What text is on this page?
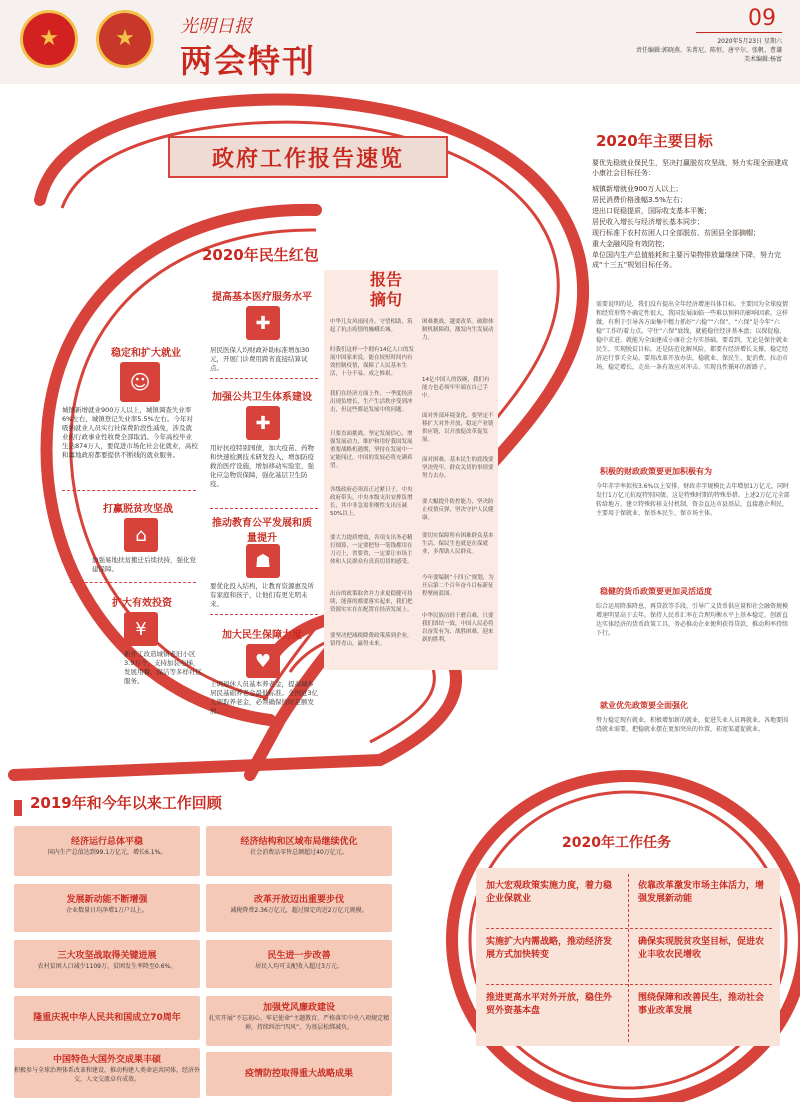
★
★
光明日报
两会特刊
09
2020年5月23日 星期六
责任编辑:郭晓燕、朱菁尼、陈恒、唐平尔、张帆、曹谦
美术编辑:杨富
政府工作报告速览
2020年主要目标
要优先稳就业保民生，坚决打赢脱贫攻坚战，努力实现全面建成小康社会目标任务：
城镇新增就业900万人以上；
居民消费价格涨幅3.5%左右；
进出口促稳提质，国际收支基本平衡；
居民收入增长与经济增长基本同步；
现行标准下农村贫困人口全部脱贫、贫困县全部摘帽；
重大金融风险有效防控；
单位国内生产总值能耗和主要污染物排放量继续下降，努力完成“十三五”规划目标任务。
2020年民生红包
稳定和扩大就业
☺
城镇新增就业900万人以上，城镇调查失业率6%左右，城镇登记失业率5.5%左右。今年对吸纳就业人员实行社保费阶段性减免，涉及就业的行政事业性收费全部取消。今年高校毕业生达874万人，要促进市场化社会化就业，高校和属地政府都要提供不断线的就业服务。
打赢脱贫攻坚战
⌂
加强易地扶贫搬迁后续扶持，强化党建保障。
扩大有效投资
¥
新开工改造城镇老旧小区3.9万个，支持加装电梯，发展用餐、保洁等多样社区服务。
提高基本医疗服务水平
✚
居民医保人均财政补助标准增加30元，开展门诊费用跨省直接结算试点。
加强公共卫生体系建设
✚
用好抗疫特别国债，加大疫苗、药物和快速检测技术研发投入，增加防疫救治医疗设施，增加移动实验室，强化应急物资保障，强化基层卫生防疫。
推动教育公平发展和质量提升
☗
要优化投入结构，让教育资源惠及所有家庭和孩子，让他们有更光明未来。
加大民生保障力度
♥
上调退休人员基本养老金，提高城乡居民基础养老金最低标准。全国近3亿人领取养老金，必须确保按时足额发放。
报告
摘句
中华儿女风雨同舟、守望相助，筑起了抗击疫情的巍峨长城。
时我们这样一个拥有14亿人口的发展中国家来说，能在较短时间内有效控制疫情，保障了人民基本生活，十分不易、成之惟艰。
我们在经济方面上作，一季度经济出现负增长，生产生活秩序受到冲击，但这些都是发展中的问题。
只要直面挑战，坚定发展信心，增强发展动力，维护和用好我国发展重要战略机遇期，坚持在发展中一定能闯过，中国的发展必将充满希望。
各级政府必须真正过紧日子，中央政府带头，中央本级支出安排负增长，其中非急需非刚性支出压减50%以上。
要大力提质增效，各项支出务必精打细算，一定要把每一笔钱都用在刀刃上，省要省，一定要让市场主体和人民群众有真真切切的感受。
出台的政策取舍并力求更稳健可持续，能落的都要落实起来，我们把资源实实在在配置在经济发展上。
要坚决把减税降费政策落到企业，留得青山，赢得未来。
困难挑战，越要改革。破除体制机制障碍，激发内生发展动力。
14亿中国人的饭碗，我们有能力也必须牢牢端在自己手中。
面对外部环境变化，要坚定不移扩大对外开放，稳定产业链供应链，以开放促改革促发展。
面对困难，基本民生的底线要坚决兜牢，群众关切的事情要努力去办。
要大幅提升防控能力，坚决防止疫情反弹，坚决守护人民健康。
要切实保障所有困难群众基本生活，保民生也就是在保就业，多帮助人民群众。
今年要编制“十四五”规划，为开启第二个百年奋斗目标新征程擘画蓝图。
中华民族历经千磨百难，只要我们团结一致，中国人民必将以奋发有为、战胜困难，迎来新的胜利。
需要说明的是，我们没有提出全年经济增速具体目标。主要因为全球疫情和经贸形势不确定性很大，我国发展面临一些难以预料的影响因素。这样做，有利于引导各方面集中精力抓好“六稳”“六保”。“六保”是今年“六稳”工作的着力点。守住“六保”底线，就能稳住经济基本盘；以保促稳、稳中求进，就能为全面建成小康社会夯实基础。要看到，无论是保住就业民生，实现脱贫目标，还是防范化解风险，都要有经济增长支撑，稳定经济运行事关全局。要用改革开放办法，稳就业、保民生、促消费，拉动市场，稳定增长，走出一条有效应对冲击、实现良性循环的新路子。
积极的财政政策要更加积极有为
今年赤字率拟按3.6%以上安排，财政赤字规模比去年增加1万亿元，同时发行1万亿元抗疫特别国债。这是特殊时期的特殊举措。上述2万亿元全部转给地方，建立特殊转移支付机制，资金直达市县基层，直接惠企利民，主要用于保就业、保基本民生、保市场主体。
稳健的货币政策要更加灵活适度
综合运用降准降息、再贷款等手段，引导广义货币供应量和社会融资规模增速明显高于去年。保持人民币汇率在合理均衡水平上基本稳定。创新直达实体经济的货币政策工具，务必推动企业便利获得贷款，推动利率持续下行。
就业优先政策要全面强化
努力稳定现有就业，积极增加新的就业，促进失业人员再就业。各地要围绕就业需要，把稳就业摆在更加突出的位置，拓宽渠道促就业。
2019年和今年以来工作回顾
经济运行总体平稳
国内生产总值达到99.1万亿元，增长6.1%。
经济结构和区域布局继续优化
社会消费品零售总额超过40万亿元。
发展新动能不断增强
企业数量日均净增1万户以上。
改革开放迈出重要步伐
减税降费2.36万亿元，超过原定的近2万亿元规模。
三大攻坚战取得关键进展
农村贫困人口减少1109万，贫困发生率降至0.6%。
民生进一步改善
居民人均可支配收入超过3万元。
隆重庆祝中华人民共和国成立70周年
加强党风廉政建设
扎实开展“不忘初心、牢记使命”主题教育，严格落实中央八项规定精神，持续纠治“四风”，为基层松绑减负。
中国特色大国外交成果丰硕
积极参与全球治理体系改革和建设，推动构建人类命运共同体。经济外交、人文交流卓有成效。
疫情防控取得重大战略成果
2020年工作任务
加大宏观政策实施力度，着力稳企业保就业
依靠改革激发市场主体活力，增强发展新动能
实施扩大内需战略，推动经济发展方式加快转变
确保实现脱贫攻坚目标，促进农业丰收农民增收
推进更高水平对外开放，稳住外贸外资基本盘
围绕保障和改善民生，推动社会事业改革发展
